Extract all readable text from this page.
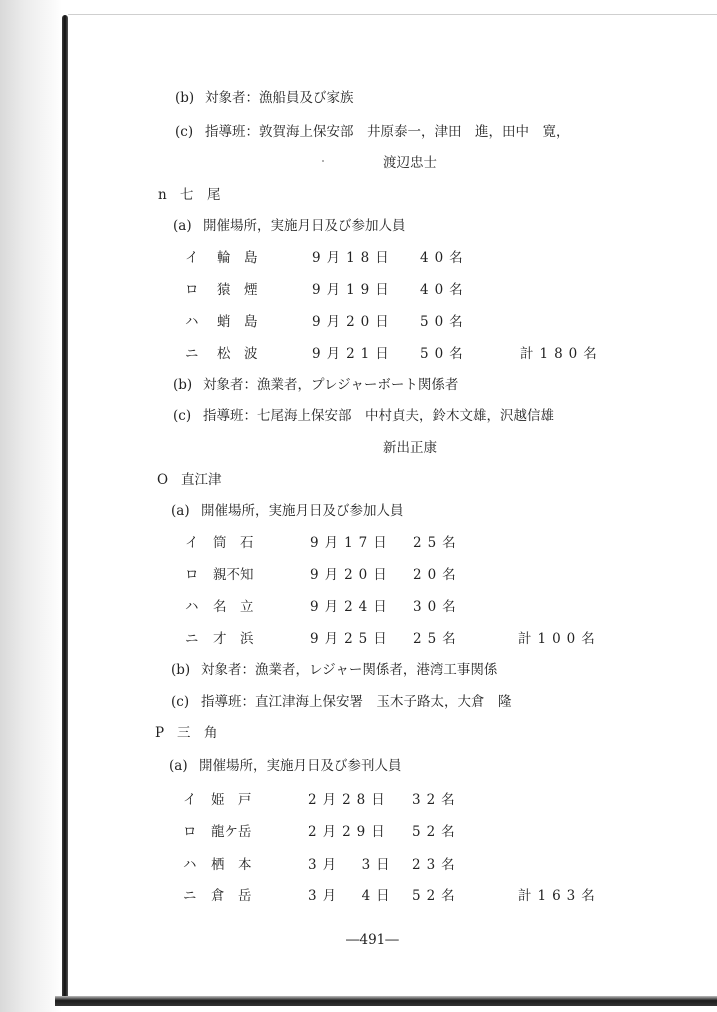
(b) 対象者：漁船員及び家族
(c) 指導班：敦賀海上保安部　井原泰一，津田　進，田中　寛，
渡辺忠士
n 七　尾
(a) 開催場所，実施月日及び参加人員
イ 輪　島	9月18日 40名
ロ 猿　煙	9月19日 40名
ハ 蛸　島	9月20日 50名
ニ 松　波	9月21日 50名	計180名
(b) 対象者：漁業者，プレジャーボート関係者
(c) 指導班：七尾海上保安部　中村貞夫，鈴木文雄，沢越信雄
新出正康
O 直江津
(a) 開催場所，実施月日及び参加人員
イ 筒　石	9月17日 25名
ロ 親不知	9月20日 20名
ハ 名　立	9月24日 30名
ニ 才　浜	9月25日 25名	計100名
(b) 対象者：漁業者，レジャー関係者，港湾工事関係
(c) 指導班：直江津海上保安署　玉木子路太，大倉　隆
P 三　角
(a) 開催場所，実施月日及び参刊人員
イ 姫　戸	2月28日 32名
ロ 龍ケ岳	2月29日 52名
ハ 栖　本	3月　3日 23名
ニ 倉　岳	3月　4日 52名	計163名
―491―
